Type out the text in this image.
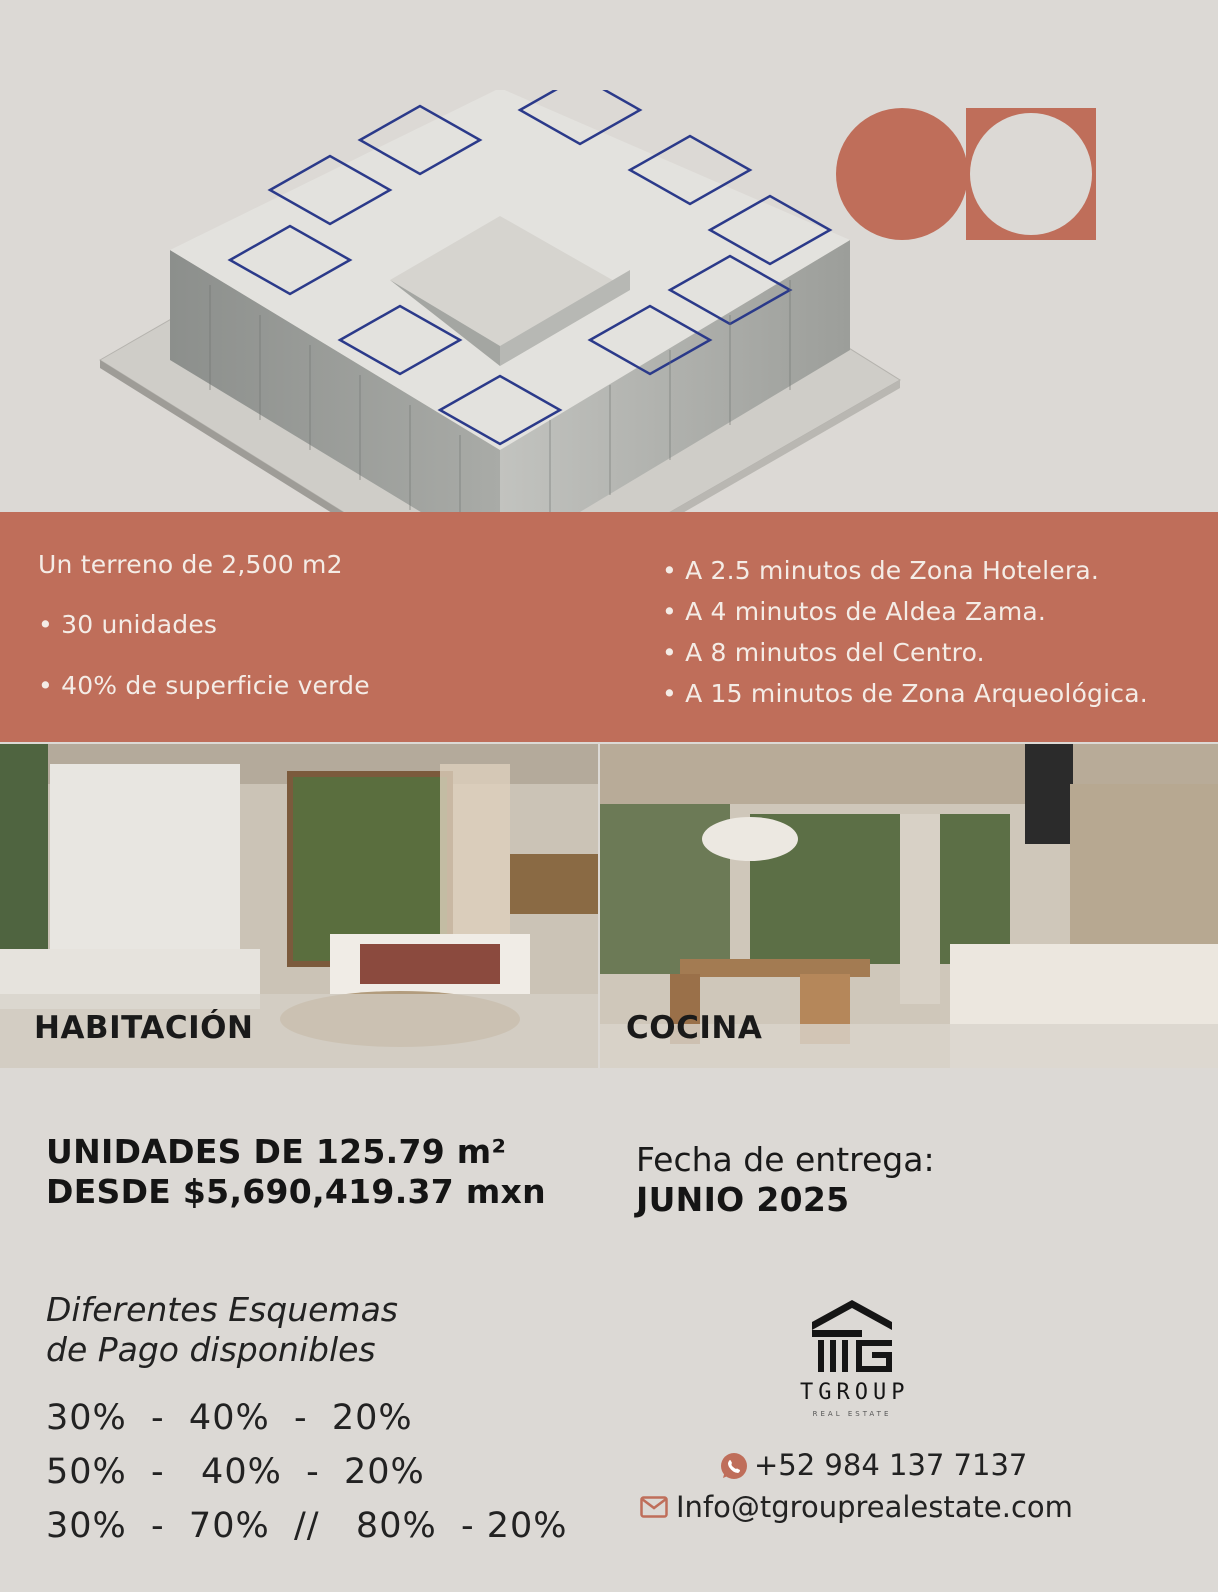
Un terreno de 2,500 m2
• 30 unidades
• 40% de superficie verde
• A 2.5 minutos de Zona Hotelera.
• A 4 minutos de Aldea Zama.
• A 8 minutos del Centro.
• A 15 minutos de Zona Arqueológica.
HABITACIÓN	COCINA
UNIDADES DE 125.79 m²
DESDE $5,690,419.37 mxn
Fecha de entrega:
JUNIO 2025
Diferentes Esquemas
de Pago disponibles
30%  -  40%  -  20%
50%  -   40%  -  20%
30%  -  70%  //   80%  - 20%
TGROUP
REAL ESTATE
+52 984 137 7137
Info@tgrouprealestate.com
